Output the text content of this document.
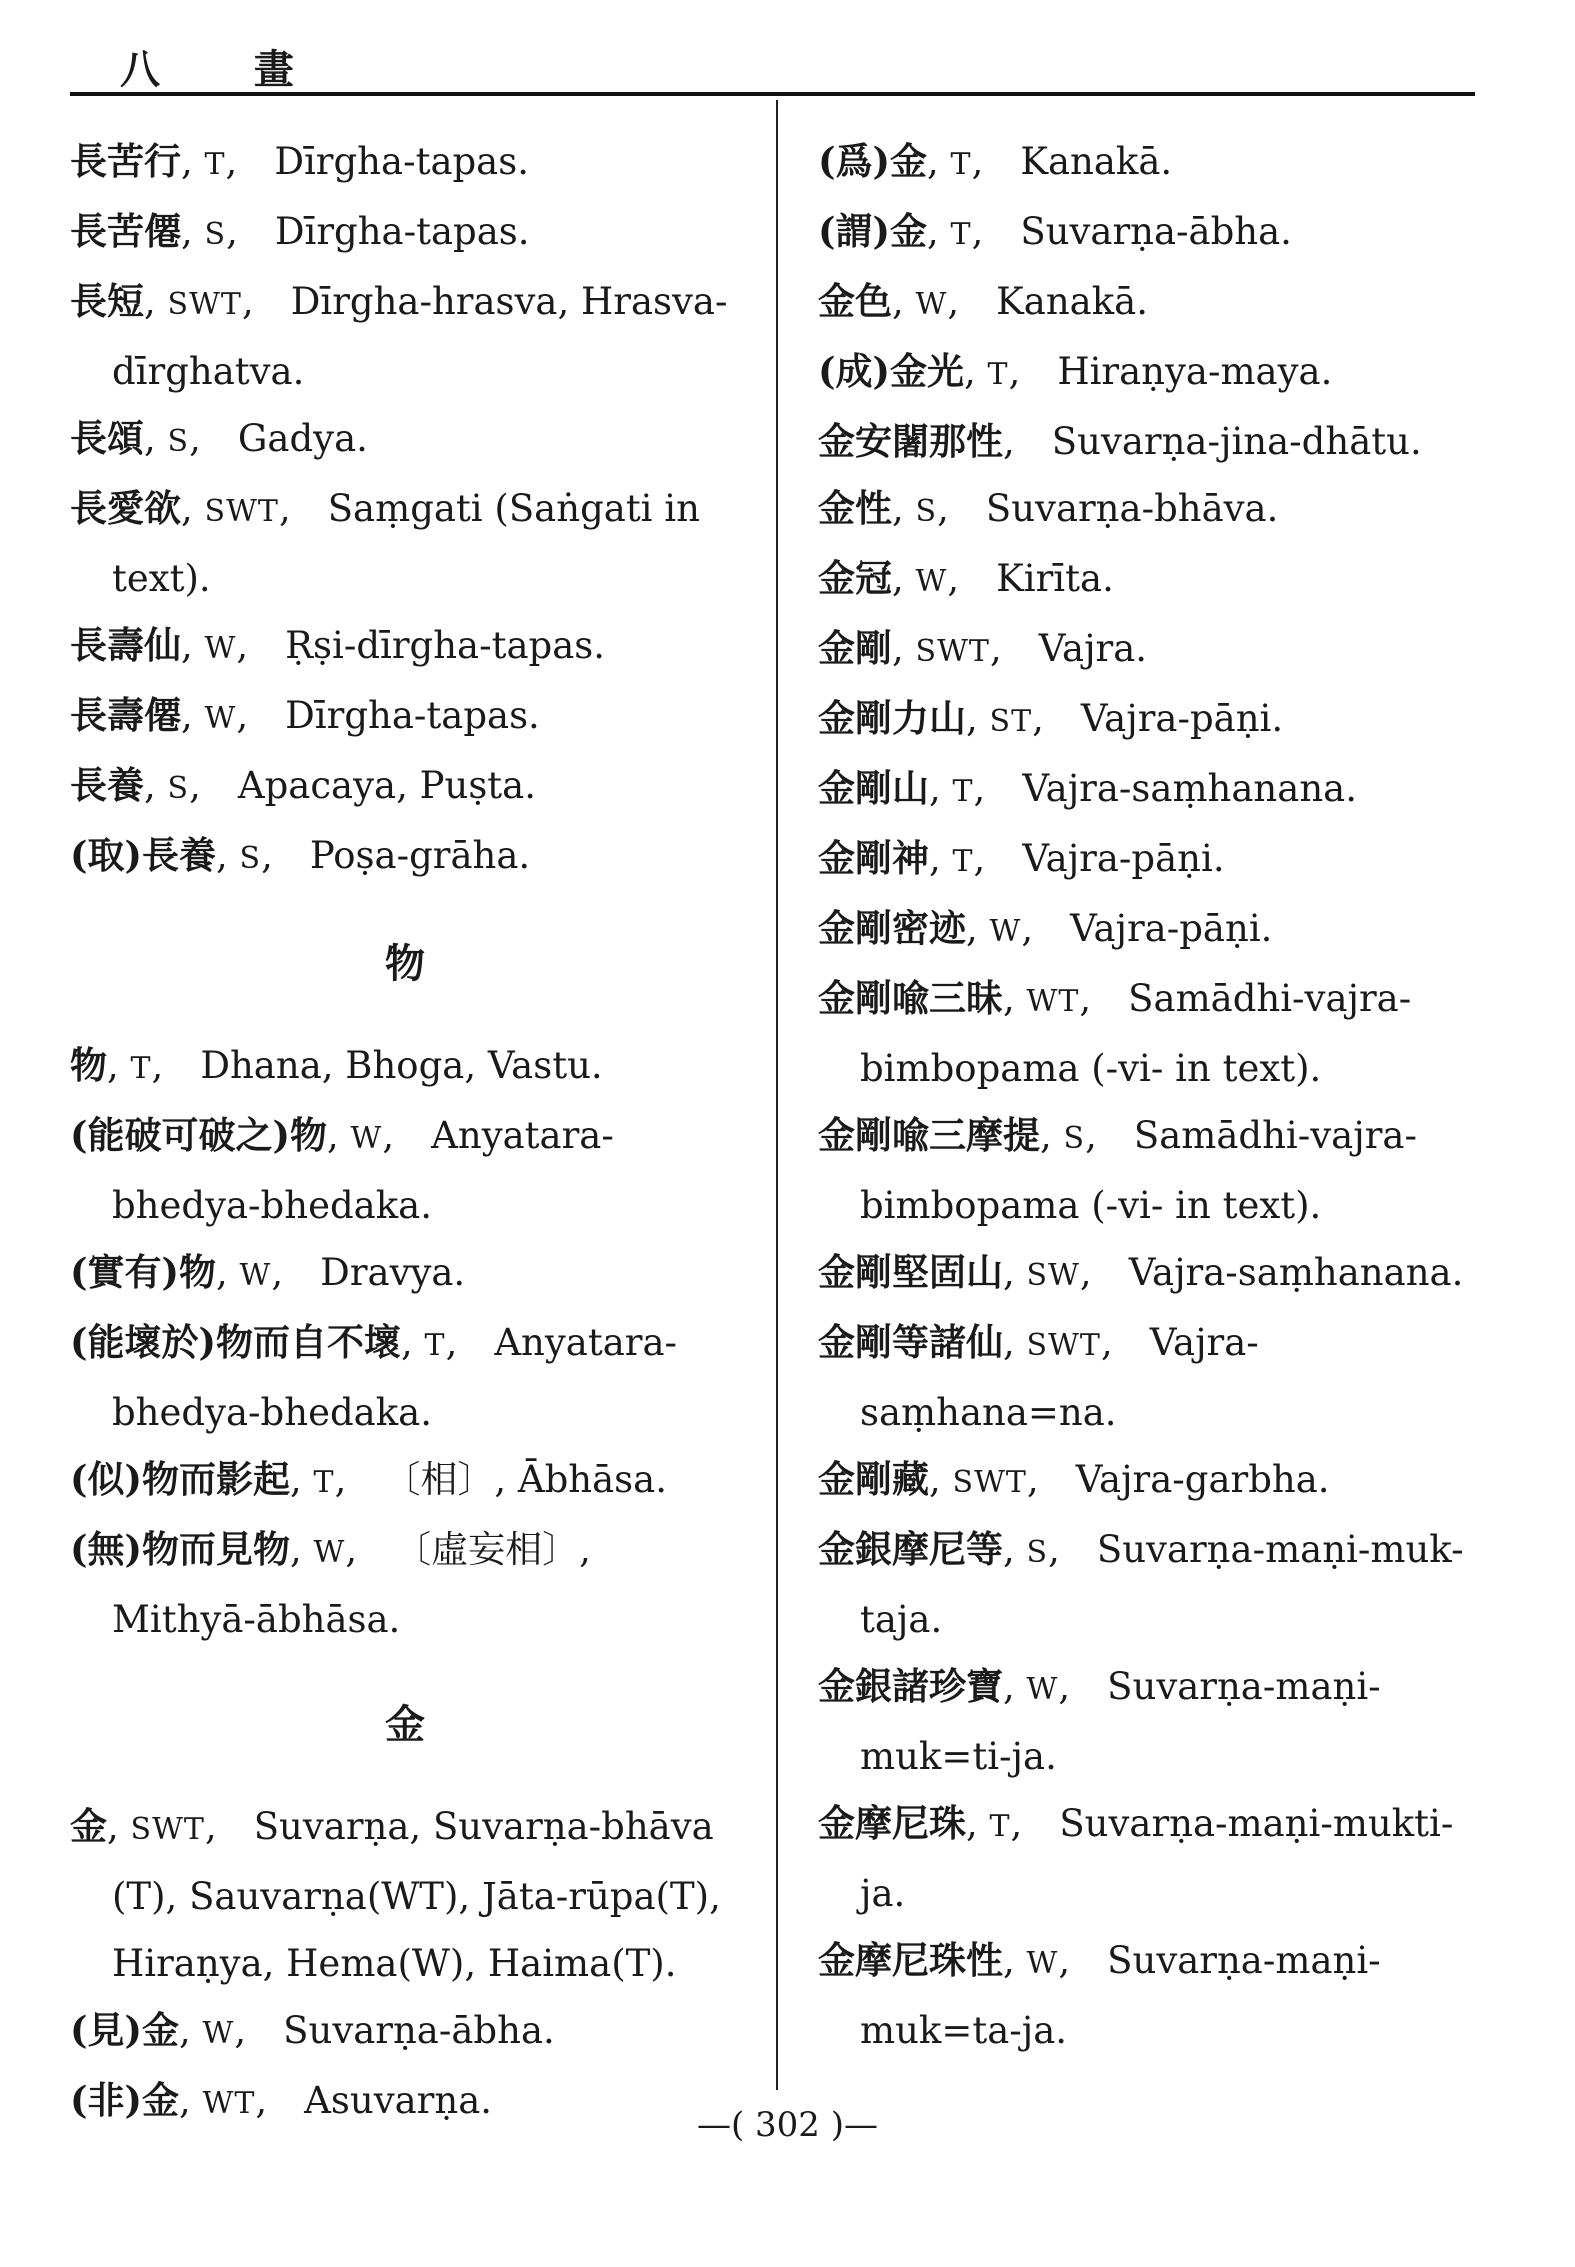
八 畫
長苦行, T, Dīrgha-tapas.
長苦僊, S, Dīrgha-tapas.
長短, SWT, Dīrgha-hrasva, Hrasva-dīrghatva.
長頌, S, Gadya.
長愛欲, SWT, Saṃgati (Saṅgati in text).
長壽仙, W, Ṛṣi-dīrgha-tapas.
長壽僊, W, Dīrgha-tapas.
長養, S, Apacaya, Puṣta.
(取)長養, S, Poṣa-grāha.
物
物, T, Dhana, Bhoga, Vastu.
(能破可破之)物, W, Anyatara-bhedya-bhedaka.
(實有)物, W, Dravya.
(能壞於)物而自不壞, T, Anyatara-bhedya-bhedaka.
(似)物而影起, T, 〔相〕, Ābhāsa.
(無)物而見物, W, 〔虛妄相〕, Mithyā-ābhāsa.
金
金, SWT, Suvarṇa, Suvarṇa-bhāva (T), Sauvarṇa(WT), Jāta-rūpa(T), Hiraṇya, Hema(W), Haima(T).
(見)金, W, Suvarṇa-ābha.
(非)金, WT, Asuvarṇa.
(爲)金, T, Kanakā.
(謂)金, T, Suvarṇa-ābha.
金色, W, Kanakā.
(成)金光, T, Hiraṇya-maya.
金安闍那性, Suvarṇa-jina-dhātu.
金性, S, Suvarṇa-bhāva.
金冠, W, Kirīta.
金剛, SWT, Vajra.
金剛力山, ST, Vajra-pāṇi.
金剛山, T, Vajra-saṃhanana.
金剛神, T, Vajra-pāṇi.
金剛密迹, W, Vajra-pāṇi.
金剛喩三昧, WT, Samādhi-vajra-bimbopama (-vi- in text).
金剛喩三摩提, S, Samādhi-vajra-bimbopama (-vi- in text).
金剛堅固山, SW, Vajra-saṃhanana.
金剛等諸仙, SWT, Vajra-saṃhana=na.
金剛藏, SWT, Vajra-garbha.
金銀摩尼等, S, Suvarṇa-maṇi-muk-taja.
金銀諸珍寶, W, Suvarṇa-maṇi-muk=ti-ja.
金摩尼珠, T, Suvarṇa-maṇi-mukti-ja.
金摩尼珠性, W, Suvarṇa-maṇi-muk=ta-ja.
—( 302 )—
